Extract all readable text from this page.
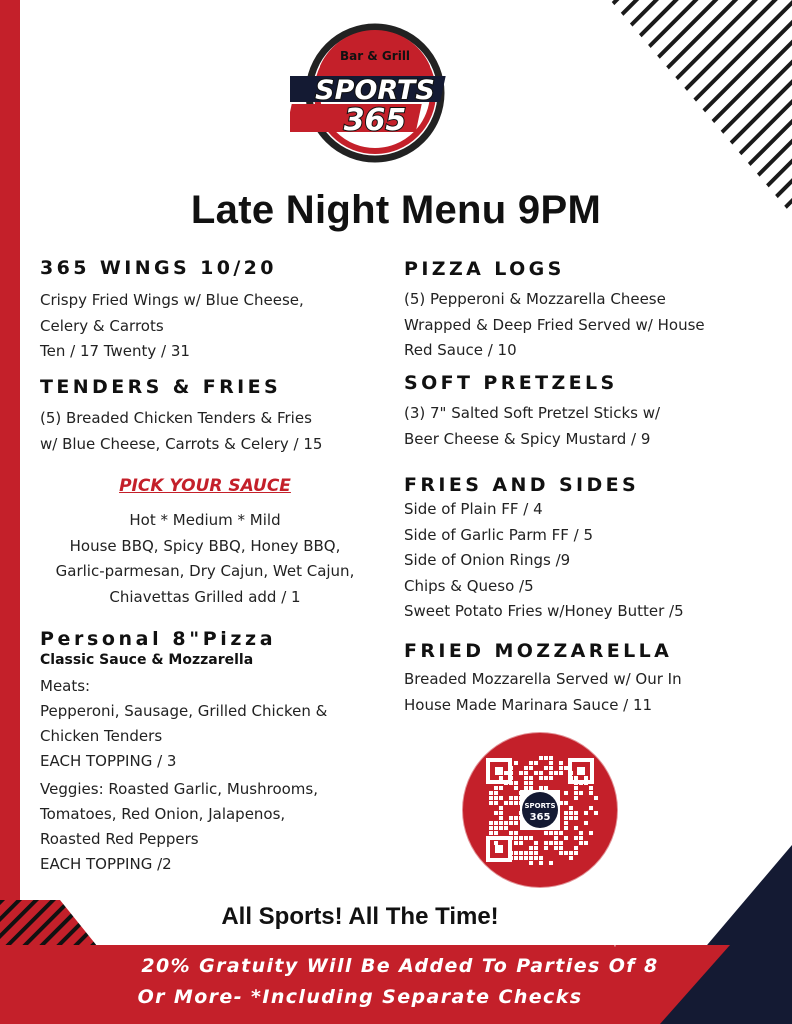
Bar & Grill
SPORTS
365
Late Night Menu 9PM
365 WINGS 10/20
Crispy Fried Wings w/ Blue Cheese,
Celery & Carrots
Ten / 17 Twenty / 31
TENDERS & FRIES
(5) Breaded Chicken Tenders & Fries
w/ Blue Cheese, Carrots & Celery / 15
PICK YOUR SAUCE
Hot * Medium * Mild
House BBQ, Spicy BBQ, Honey BBQ,
Garlic-parmesan, Dry Cajun, Wet Cajun,
Chiavettas Grilled add / 1
Personal 8"Pizza
Classic Sauce & Mozzarella
Meats:
Pepperoni, Sausage, Grilled Chicken &
Chicken Tenders
EACH TOPPING / 3
Veggies: Roasted Garlic, Mushrooms,
Tomatoes, Red Onion, Jalapenos,
Roasted Red Peppers
EACH TOPPING /2
PIZZA LOGS
(5) Pepperoni & Mozzarella Cheese
Wrapped & Deep Fried Served w/ House
Red Sauce / 10
SOFT PRETZELS
(3) 7" Salted Soft Pretzel Sticks w/
Beer Cheese & Spicy Mustard / 9
FRIES AND SIDES
Side of Plain FF / 4
Side of Garlic Parm FF / 5
Side of Onion Rings /9
Chips & Queso /5
Sweet Potato Fries w/Honey Butter /5
FRIED MOZZARELLA
Breaded Mozzarella Served w/ Our In
House Made Marinara Sauce / 11
SPORTS
365
All Sports! All The Time!
20% Gratuity Will Be Added To Parties Of 8
Or More- *Including Separate Checks
menupix
